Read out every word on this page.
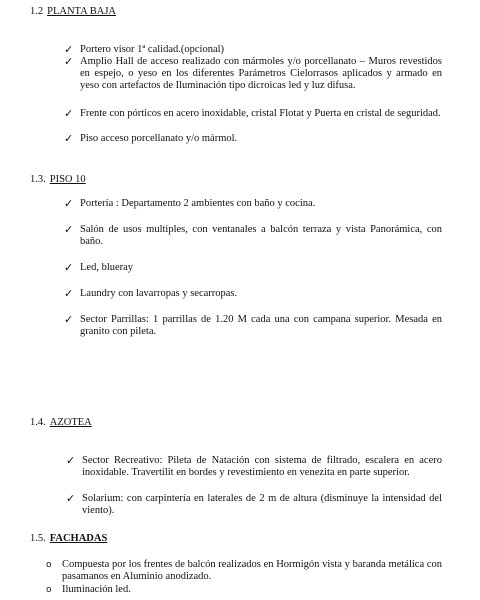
1.2 PLANTA BAJA
✓ Portero visor 1ª calidad.(opcional)
✓ Amplio Hall de acceso realizado con mármoles y/o porcellanato – Muros revestidos en espejo, o yeso en los diferentes Parámetros Cielorrasos aplicados y armado en yeso con artefactos de Iluminación tipo dicroicas led y luz difusa.
✓ Frente con pórticos en acero inoxidable, cristal Flotat y Puerta en cristal de seguridad.
✓ Piso acceso porcellanato y/o mármol.
1.3. PISO 10
✓ Portería : Departamento 2 ambientes con baño y cocina.
✓ Salón de usos multiples, con ventanales a balcón terraza y vista Panorámica, con baño.
✓ Led, blueray
✓ Laundry con lavarropas y secarropas.
✓ Sector Parrillas: 1 parrillas de 1.20 M cada una con campana superior. Mesada en granito con pileta.
1.4. AZOTEA
✓ Sector Recreativo: Pileta de Natación con sistema de filtrado, escalera en acero inoxidable. Travertilit en bordes y revestimiento en venezita en parte superior.
✓ Solarium: con carpintería en laterales de 2 m de altura (disminuye la intensidad del viento).
1.5. FACHADAS
o Compuesta por los frentes de balcón realizados en Hormigón vista y baranda metálica con pasamanos en Aluminio anodizado.
o Iluminación led.
